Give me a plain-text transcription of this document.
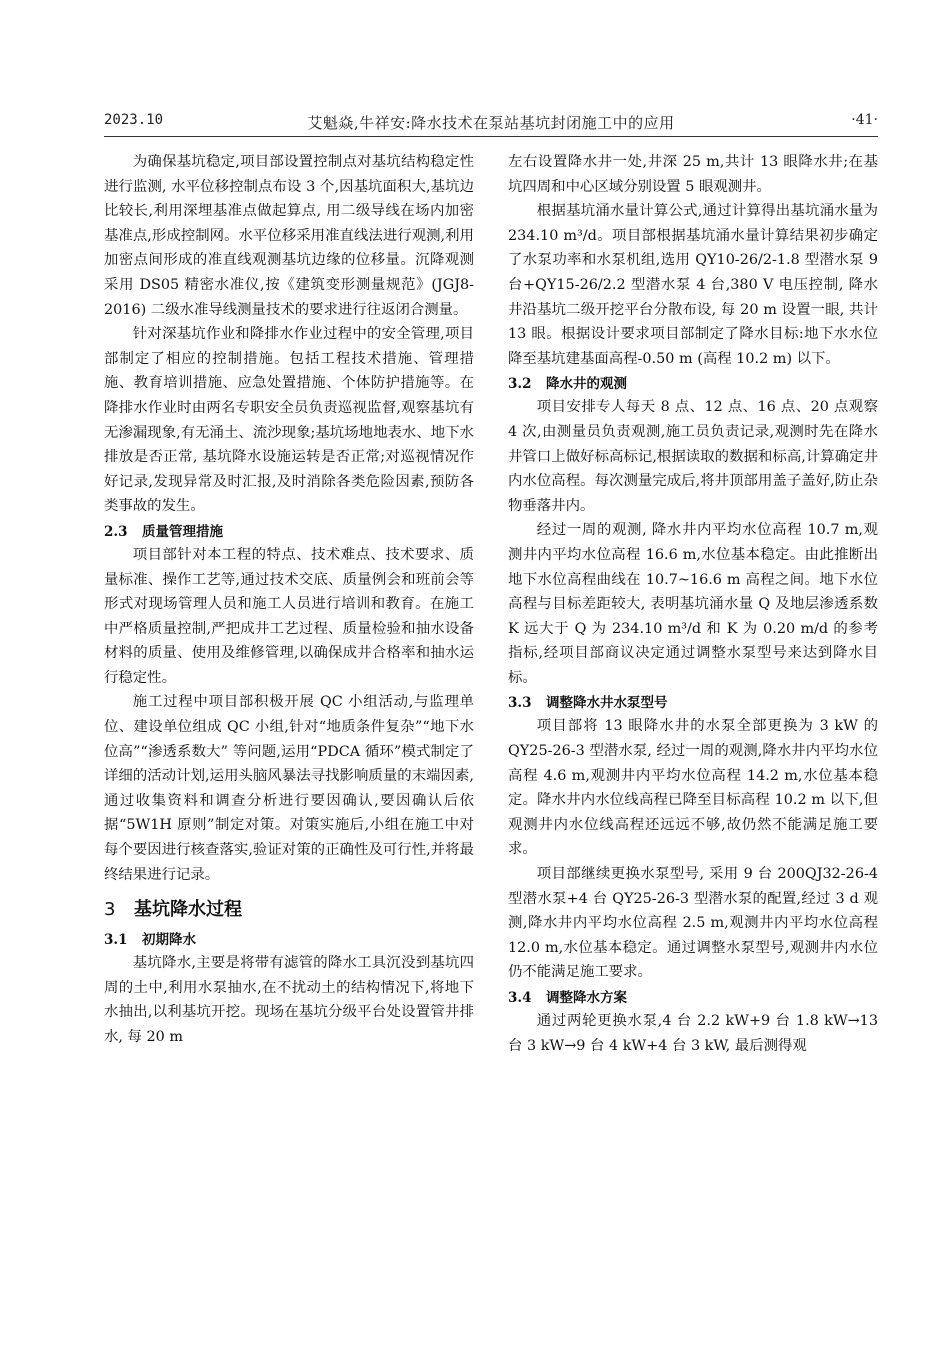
2023.10	艾魁焱,牛祥安:降水技术在泵站基坑封闭施工中的应用	·41·

为确保基坑稳定,项目部设置控制点对基坑结构稳定性进行监测, 水平位移控制点布设 3 个,因基坑面积大,基坑边比较长,利用深埋基准点做起算点, 用二级导线在场内加密基准点,形成控制网。水平位移采用准直线法进行观测,利用加密点间形成的准直线观测基坑边缘的位移量。沉降观测采用 DS05 精密水准仪,按《建筑变形测量规范》(JGJ8-2016) 二级水准导线测量技术的要求进行往返闭合测量。

针对深基坑作业和降排水作业过程中的安全管理,项目部制定了相应的控制措施。包括工程技术措施、管理措施、教育培训措施、应急处置措施、个体防护措施等。在降排水作业时由两名专职安全员负责巡视监督,观察基坑有无渗漏现象,有无涌土、流沙现象;基坑场地地表水、地下水排放是否正常, 基坑降水设施运转是否正常;对巡视情况作好记录,发现异常及时汇报,及时消除各类危险因素,预防各类事故的发生。

2.3 质量管理措施

项目部针对本工程的特点、技术难点、技术要求、质量标准、操作工艺等,通过技术交底、质量例会和班前会等形式对现场管理人员和施工人员进行培训和教育。在施工中严格质量控制,严把成井工艺过程、质量检验和抽水设备材料的质量、使用及维修管理,以确保成井合格率和抽水运行稳定性。

施工过程中项目部积极开展 QC 小组活动,与监理单位、建设单位组成 QC 小组,针对“地质条件复杂”“地下水位高”“渗透系数大” 等问题,运用“PDCA 循环”模式制定了详细的活动计划,运用头脑风暴法寻找影响质量的末端因素,通过收集资料和调查分析进行要因确认,要因确认后依据“5W1H 原则”制定对策。对策实施后,小组在施工中对每个要因进行核查落实,验证对策的正确性及可行性,并将最终结果进行记录。

3 基坑降水过程
3.1 初期降水

基坑降水,主要是将带有滤管的降水工具沉没到基坑四周的土中,利用水泵抽水,在不扰动土的结构情况下,将地下水抽出,以利基坑开挖。现场在基坑分级平台处设置管井排水, 每 20 m

左右设置降水井一处,井深 25 m,共计 13 眼降水井;在基坑四周和中心区域分别设置 5 眼观测井。

根据基坑涌水量计算公式,通过计算得出基坑涌水量为 234.10 m³/d。项目部根据基坑涌水量计算结果初步确定了水泵功率和水泵机组,选用 QY10-26/2-1.8 型潜水泵 9 台+QY15-26/2.2 型潜水泵 4 台,380 V 电压控制, 降水井沿基坑二级开挖平台分散布设, 每 20 m 设置一眼, 共计 13 眼。根据设计要求项目部制定了降水目标:地下水水位降至基坑建基面高程-0.50 m (高程 10.2 m) 以下。

3.2 降水井的观测

项目安排专人每天 8 点、12 点、16 点、20 点观察 4 次,由测量员负责观测,施工员负责记录,观测时先在降水井管口上做好标高标记,根据读取的数据和标高,计算确定井内水位高程。每次测量完成后,将井顶部用盖子盖好,防止杂物垂落井内。

经过一周的观测, 降水井内平均水位高程 10.7 m,观测井内平均水位高程 16.6 m,水位基本稳定。由此推断出地下水位高程曲线在 10.7~16.6 m 高程之间。地下水位高程与目标差距较大, 表明基坑涌水量 Q 及地层渗透系数 K 远大于 Q 为 234.10 m³/d 和 K 为 0.20 m/d 的参考指标,经项目部商议决定通过调整水泵型号来达到降水目标。

3.3 调整降水井水泵型号

项目部将 13 眼降水井的水泵全部更换为 3 kW 的 QY25-26-3 型潜水泵, 经过一周的观测,降水井内平均水位高程 4.6 m,观测井内平均水位高程 14.2 m,水位基本稳定。降水井内水位线高程已降至目标高程 10.2 m 以下,但观测井内水位线高程还远远不够,故仍然不能满足施工要求。

项目部继续更换水泵型号, 采用 9 台 200QJ32-26-4 型潜水泵+4 台 QY25-26-3 型潜水泵的配置,经过 3 d 观测,降水井内平均水位高程 2.5 m,观测井内平均水位高程 12.0 m,水位基本稳定。通过调整水泵型号,观测井内水位仍不能满足施工要求。

3.4 调整降水方案

通过两轮更换水泵,4 台 2.2 kW+9 台 1.8 kW→13 台 3 kW→9 台 4 kW+4 台 3 kW, 最后测得观
